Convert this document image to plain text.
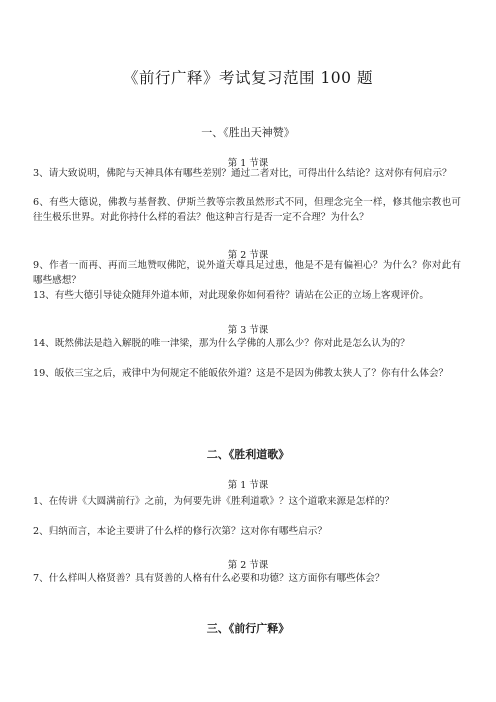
《前行广释》考试复习范围 100 题
一、《胜出天神赞》
第 1 节课
3、请大致说明，佛陀与天神具体有哪些差别？通过二者对比，可得出什么结论？这对你有何启示？
6、有些大德说，佛教与基督教、伊斯兰教等宗教虽然形式不同，但理念完全一样，修其他宗教也可往生极乐世界。对此你持什么样的看法？他这种言行是否一定不合理？为什么？
第 2 节课
9、作者一而再、再而三地赞叹佛陀，说外道天尊具足过患，他是不是有偏袒心？为什么？你对此有哪些感想？
13、有些大德引导徒众随拜外道本师，对此现象你如何看待？请站在公正的立场上客观评价。
第 3 节课
14、既然佛法是趋入解脱的唯一津梁，那为什么学佛的人那么少？你对此是怎么认为的？
19、皈依三宝之后，戒律中为何规定不能皈依外道？这是不是因为佛教太狭人了？你有什么体会？
二、《胜利道歌》
第 1 节课
1、在传讲《大圆满前行》之前，为何要先讲《胜利道歌》？这个道歌来源是怎样的？
2、归纳而言，本论主要讲了什么样的修行次第？这对你有哪些启示？
第 2 节课
7、什么样叫人格贤善？具有贤善的人格有什么必要和功德？这方面你有哪些体会？
三、《前行广释》
